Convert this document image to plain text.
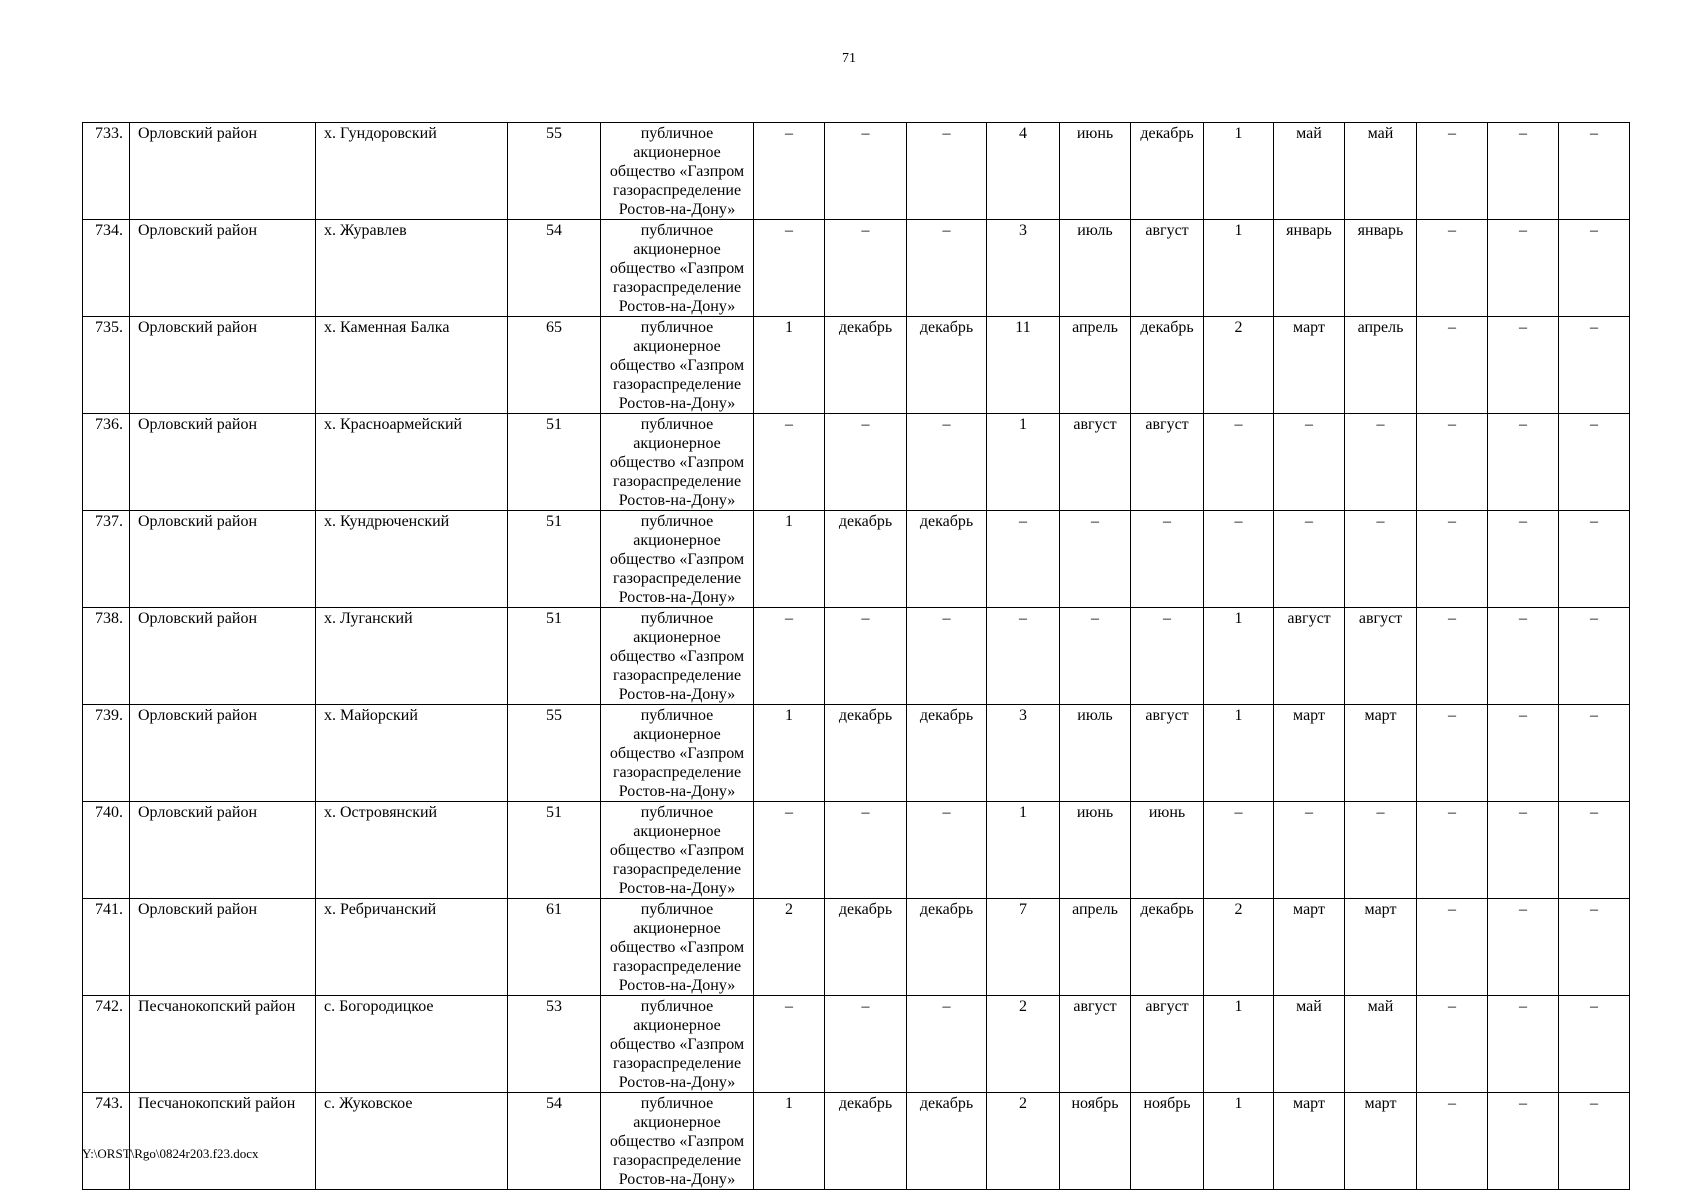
71
733.	Орловский район	х. Гундоровский	55	публичное акционерное общество «Газпром газораспределение Ростов-на-Дону»	–	–	–	4	июнь	декабрь	1	май	май	–	–	–
734.	Орловский район	х. Журавлев	54	публичное акционерное общество «Газпром газораспределение Ростов-на-Дону»	–	–	–	3	июль	август	1	январь	январь	–	–	–
735.	Орловский район	х. Каменная Балка	65	публичное акционерное общество «Газпром газораспределение Ростов-на-Дону»	1	декабрь	декабрь	11	апрель	декабрь	2	март	апрель	–	–	–
736.	Орловский район	х. Красноармейский	51	публичное акционерное общество «Газпром газораспределение Ростов-на-Дону»	–	–	–	1	август	август	–	–	–	–	–	–
737.	Орловский район	х. Кундрюченский	51	публичное акционерное общество «Газпром газораспределение Ростов-на-Дону»	1	декабрь	декабрь	–	–	–	–	–	–	–	–	–
738.	Орловский район	х. Луганский	51	публичное акционерное общество «Газпром газораспределение Ростов-на-Дону»	–	–	–	–	–	–	1	август	август	–	–	–
739.	Орловский район	х. Майорский	55	публичное акционерное общество «Газпром газораспределение Ростов-на-Дону»	1	декабрь	декабрь	3	июль	август	1	март	март	–	–	–
740.	Орловский район	х. Островянский	51	публичное акционерное общество «Газпром газораспределение Ростов-на-Дону»	–	–	–	1	июнь	июнь	–	–	–	–	–	–
741.	Орловский район	х. Ребричанский	61	публичное акционерное общество «Газпром газораспределение Ростов-на-Дону»	2	декабрь	декабрь	7	апрель	декабрь	2	март	март	–	–	–
742.	Песчанокопский район	с. Богородицкое	53	публичное акционерное общество «Газпром газораспределение Ростов-на-Дону»	–	–	–	2	август	август	1	май	май	–	–	–
743.	Песчанокопский район	с. Жуковское	54	публичное акционерное общество «Газпром газораспределение Ростов-на-Дону»	1	декабрь	декабрь	2	ноябрь	ноябрь	1	март	март	–	–	–
Y:\ORST\Rgo\0824r203.f23.docx
